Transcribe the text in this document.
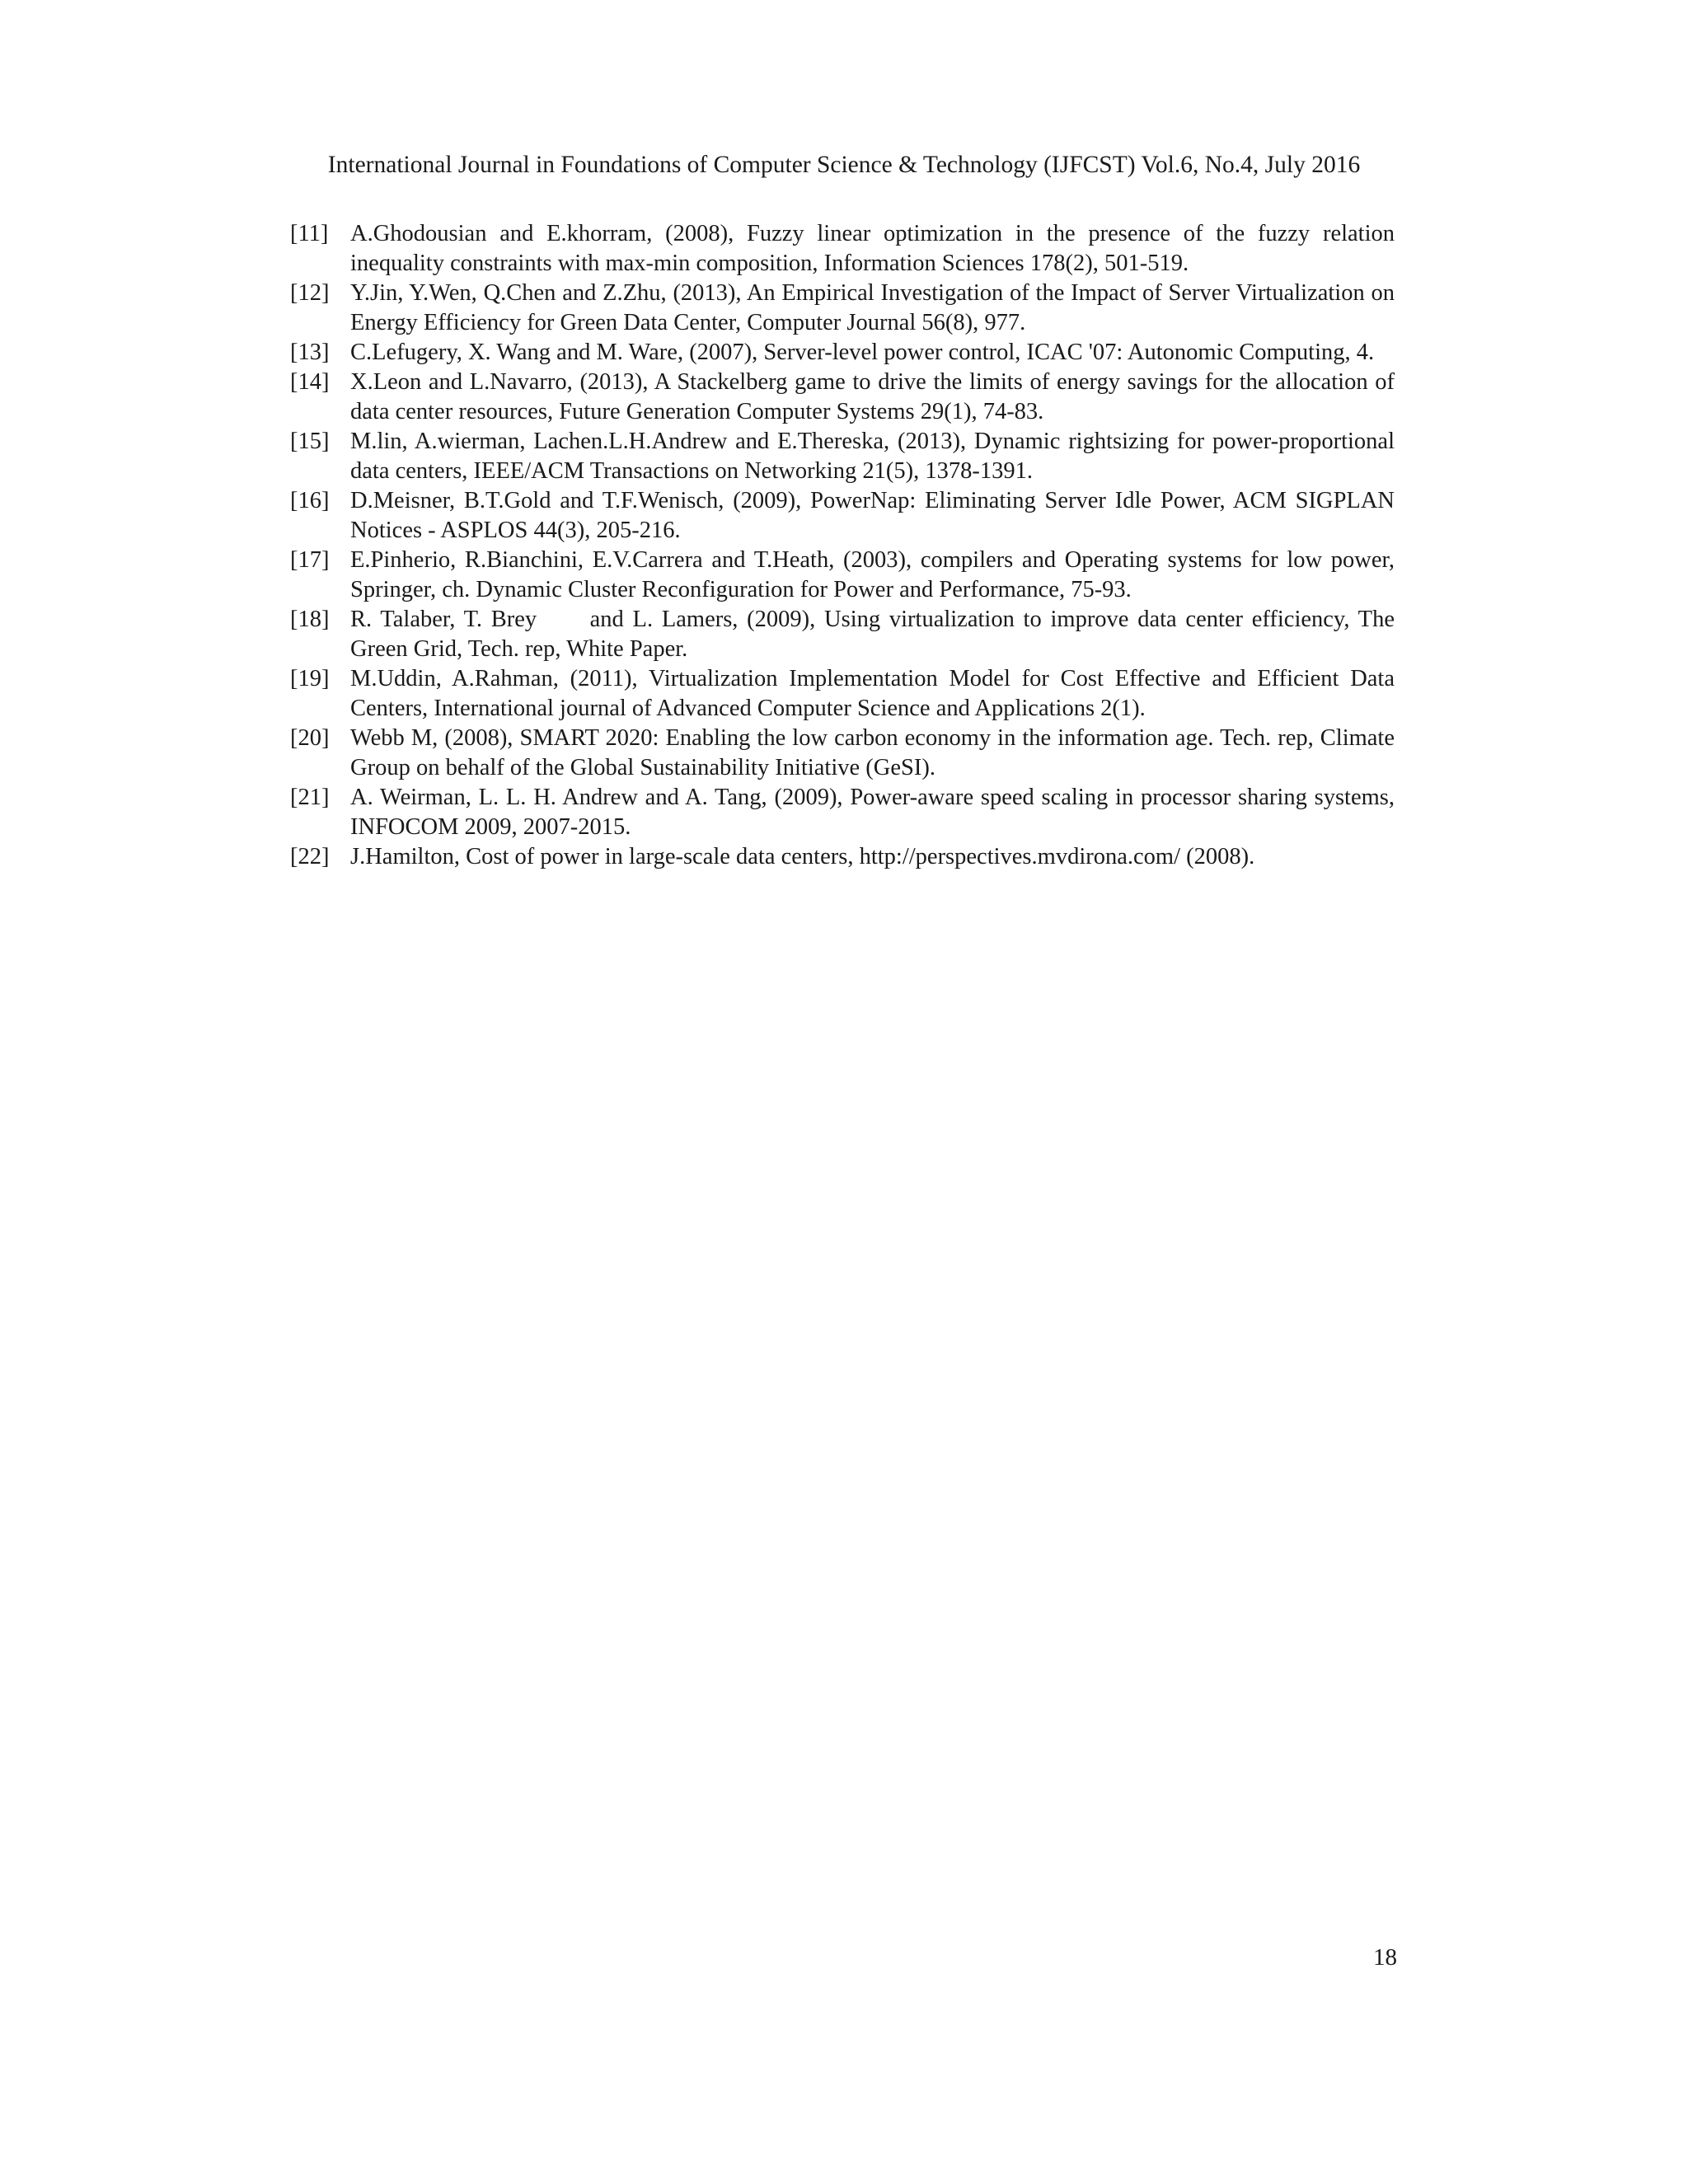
International Journal in Foundations of Computer Science & Technology (IJFCST) Vol.6, No.4, July 2016
[11] A.Ghodousian and E.khorram, (2008), Fuzzy linear optimization in the presence of the fuzzy relation inequality constraints with max-min composition, Information Sciences 178(2), 501-519.
[12] Y.Jin, Y.Wen, Q.Chen and Z.Zhu, (2013), An Empirical Investigation of the Impact of Server Virtualization on Energy Efficiency for Green Data Center, Computer Journal 56(8), 977.
[13] C.Lefugery, X. Wang and M. Ware, (2007), Server-level power control, ICAC '07: Autonomic Computing, 4.
[14] X.Leon and L.Navarro, (2013), A Stackelberg game to drive the limits of energy savings for the allocation of data center resources, Future Generation Computer Systems 29(1), 74-83.
[15] M.lin, A.wierman, Lachen.L.H.Andrew and E.Thereska, (2013), Dynamic rightsizing for power-proportional data centers, IEEE/ACM Transactions on Networking 21(5), 1378-1391.
[16] D.Meisner, B.T.Gold and T.F.Wenisch, (2009), PowerNap: Eliminating Server Idle Power, ACM SIGPLAN Notices - ASPLOS 44(3), 205-216.
[17] E.Pinherio, R.Bianchini, E.V.Carrera and T.Heath, (2003), compilers and Operating systems for low power, Springer, ch. Dynamic Cluster Reconfiguration for Power and Performance, 75-93.
[18] R. Talaber, T. Brey      and L. Lamers, (2009), Using virtualization to improve data center efficiency, The Green Grid, Tech. rep, White Paper.
[19] M.Uddin, A.Rahman, (2011), Virtualization Implementation Model for Cost Effective and Efficient Data Centers, International journal of Advanced Computer Science and Applications 2(1).
[20] Webb M, (2008), SMART 2020: Enabling the low carbon economy in the information age. Tech. rep, Climate Group on behalf of the Global Sustainability Initiative (GeSI).
[21] A. Weirman, L. L. H. Andrew and A. Tang, (2009), Power-aware speed scaling in processor sharing systems, INFOCOM 2009, 2007-2015.
[22] J.Hamilton, Cost of power in large-scale data centers, http://perspectives.mvdirona.com/ (2008).
18
